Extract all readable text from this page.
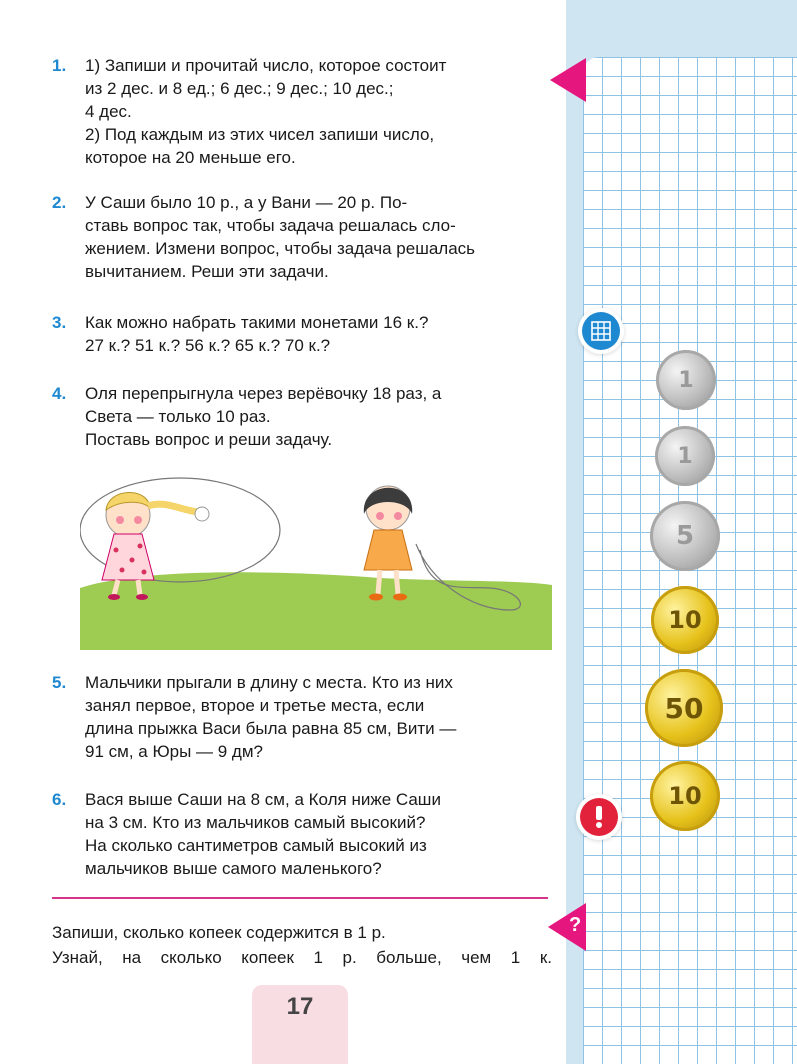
1. 1) Запиши и прочитай число, которое состоит

из 2 дес. и 8 ед.; 6 дес.; 9 дес.; 10 дес.;

4 дес.

2) Под каждым из этих чисел запиши число,

которое на 20 меньше его.

2. У Саши было 10 р., а у Вани — 20 р. По-

ставь вопрос так, чтобы задача решалась сло-

жением. Измени вопрос, чтобы задача решалась

вычитанием. Реши эти задачи.

3. Как можно набрать такими монетами 16 к.?

27 к.? 51 к.? 56 к.? 65 к.? 70 к.?

4. Оля перепрыгнула через верёвочку 18 раз, а

Света — только 10 раз.

Поставь вопрос и реши задачу.

5. Мальчики прыгали в длину с места. Кто из них

занял первое, второе и третье места, если

длина прыжка Васи была равна 85 см, Вити —

91 см, а Юры — 9 дм?

6. Вася выше Саши на 8 см, а Коля ниже Саши

на 3 см. Кто из мальчиков самый высокий?

На сколько сантиметров самый высокий из

мальчиков выше самого маленького?

Запиши, сколько копеек содержится в 1 р.

Узнай, на сколько копеек 1 р. больше, чем 1 к.

?
1
1
5
10
50
10
17
